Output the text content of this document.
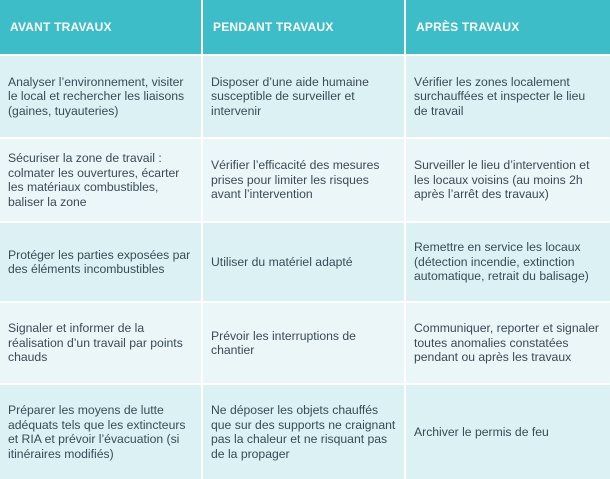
AVANT TRAVAUX	PENDANT TRAVAUX	APRÈS TRAVAUX
Analyser l’environnement, visiter le local et rechercher les liaisons (gaines, tuyauteries)
Disposer d’une aide humaine susceptible de surveiller et intervenir
Vérifier les zones localement surchauffées et inspecter le lieu de travail
Sécuriser la zone de travail : colmater les ouvertures, écarter les matériaux combustibles, baliser la zone
Vérifier l’efficacité des mesures prises pour limiter les risques avant l’intervention
Surveiller le lieu d’intervention et les locaux voisins (au moins 2h après l’arrêt des travaux)
Protéger les parties exposées par des éléments incombustibles
Utiliser du matériel adapté
Remettre en service les locaux (détection incendie, extinction automatique, retrait du balisage)
Signaler et informer de la réalisation d’un travail par points chauds
Prévoir les interruptions de chantier
Communiquer, reporter et signaler toutes anomalies constatées pendant ou après les travaux
Préparer les moyens de lutte adéquats tels que les extincteurs et RIA et prévoir l’évacuation (si itinéraires modifiés)
Ne déposer les objets chauffés que sur des supports ne craignant pas la chaleur et ne risquant pas de la propager
Archiver le permis de feu
